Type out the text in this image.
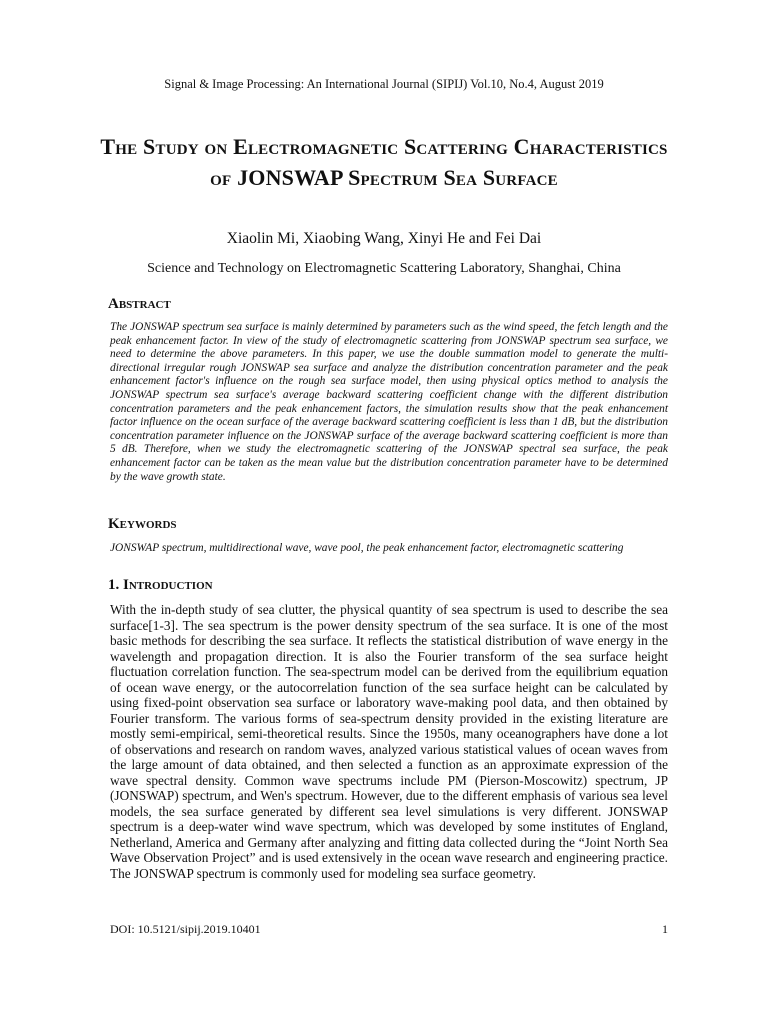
Signal & Image Processing: An International Journal (SIPIJ) Vol.10, No.4, August 2019
The Study on Electromagnetic Scattering Characteristics of JONSWAP Spectrum Sea Surface
Xiaolin Mi, Xiaobing Wang, Xinyi He and Fei Dai
Science and Technology on Electromagnetic Scattering Laboratory, Shanghai, China
Abstract
The JONSWAP spectrum sea surface is mainly determined by parameters such as the wind speed, the fetch length and the peak enhancement factor. In view of the study of electromagnetic scattering from JONSWAP spectrum sea surface, we need to determine the above parameters. In this paper, we use the double summation model to generate the multi-directional irregular rough JONSWAP sea surface and analyze the distribution concentration parameter and the peak enhancement factor's influence on the rough sea surface model, then using physical optics method to analysis the JONSWAP spectrum sea surface's average backward scattering coefficient change with the different distribution concentration parameters and the peak enhancement factors, the simulation results show that the peak enhancement factor influence on the ocean surface of the average backward scattering coefficient is less than 1 dB, but the distribution concentration parameter influence on the JONSWAP surface of the average backward scattering coefficient is more than 5 dB. Therefore, when we study the electromagnetic scattering of the JONSWAP spectral sea surface, the peak enhancement factor can be taken as the mean value but the distribution concentration parameter have to be determined by the wave growth state.
Keywords
JONSWAP spectrum, multidirectional wave, wave pool, the peak enhancement factor, electromagnetic scattering
1. Introduction
With the in-depth study of sea clutter, the physical quantity of sea spectrum is used to describe the sea surface[1-3]. The sea spectrum is the power density spectrum of the sea surface. It is one of the most basic methods for describing the sea surface. It reflects the statistical distribution of wave energy in the wavelength and propagation direction. It is also the Fourier transform of the sea surface height fluctuation correlation function. The sea-spectrum model can be derived from the equilibrium equation of ocean wave energy, or the autocorrelation function of the sea surface height can be calculated by using fixed-point observation sea surface or laboratory wave-making pool data, and then obtained by Fourier transform. The various forms of sea-spectrum density provided in the existing literature are mostly semi-empirical, semi-theoretical results. Since the 1950s, many oceanographers have done a lot of observations and research on random waves, analyzed various statistical values of ocean waves from the large amount of data obtained, and then selected a function as an approximate expression of the wave spectral density. Common wave spectrums include PM (Pierson-Moscowitz) spectrum, JP (JONSWAP) spectrum, and Wen's spectrum. However, due to the different emphasis of various sea level models, the sea surface generated by different sea level simulations is very different. JONSWAP spectrum is a deep-water wind wave spectrum, which was developed by some institutes of England, Netherland, America and Germany after analyzing and fitting data collected during the “Joint North Sea Wave Observation Project” and is used extensively in the ocean wave research and engineering practice. The JONSWAP spectrum is commonly used for modeling sea surface geometry.
DOI: 10.5121/sipij.2019.10401	1
